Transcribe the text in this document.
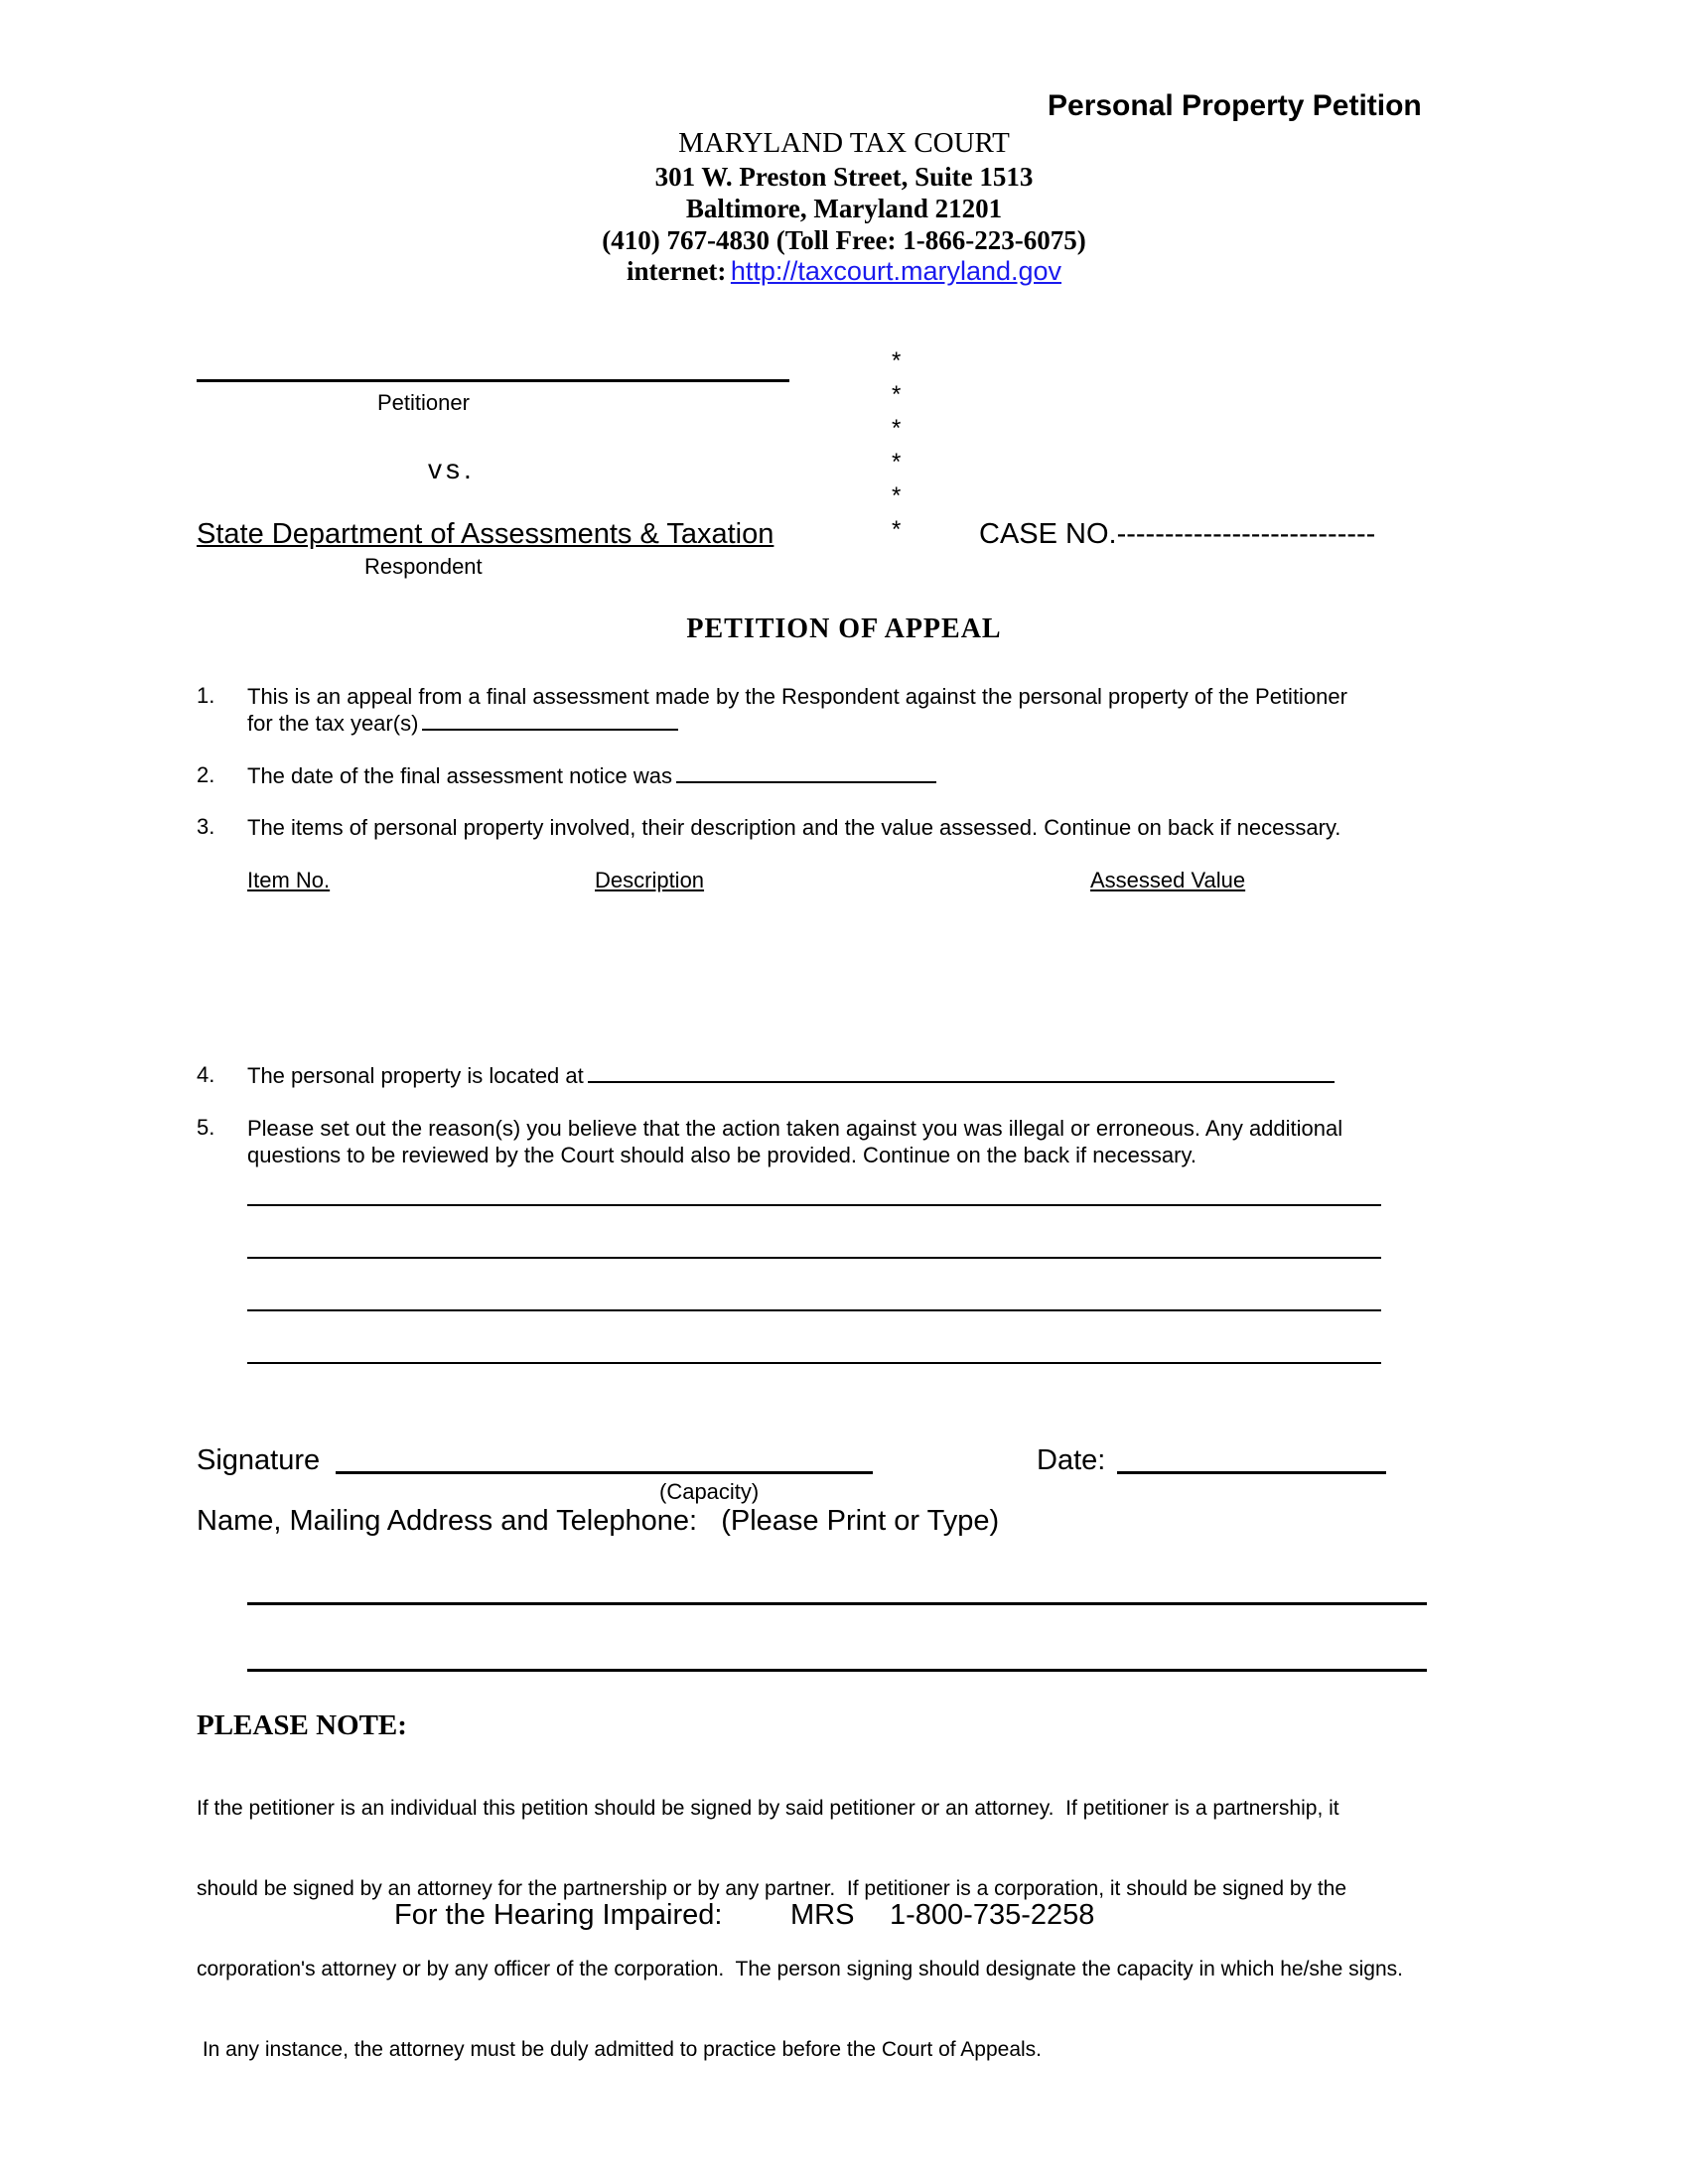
Personal Property Petition
MARYLAND TAX COURT
301 W. Preston Street, Suite 1513
Baltimore, Maryland 21201
(410) 767-4830 (Toll Free: 1-866-223-6075)
internet: http://taxcourt.maryland.gov
Petitioner
vs.
State Department of Assessments & Taxation
Respondent
*
*
*
*
*
*	CASE NO.---------------------------
PETITION OF APPEAL
1. This is an appeal from a final assessment made by the Respondent against the personal property of the Petitioner
for the tax year(s)
2. The date of the final assessment notice was
3. The items of personal property involved, their description and the value assessed. Continue on back if necessary.
Item No.	Description	Assessed Value
4. The personal property is located at
5. Please set out the reason(s) you believe that the action taken against you was illegal or erroneous. Any additional
questions to be reviewed by the Court should also be provided. Continue on the back if necessary.
Signature	Date:
(Capacity)
Name, Mailing Address and Telephone:   (Please Print or Type)
PLEASE NOTE:

If the petitioner is an individual this petition should be signed by said petitioner or an attorney.  If petitioner is a partnership, it

should be signed by an attorney for the partnership or by any partner.  If petitioner is a corporation, it should be signed by the

corporation's attorney or by any officer of the corporation.  The person signing should designate the capacity in which he/she signs.

In any instance, the attorney must be duly admitted to practice before the Court of Appeals.

For the Hearing Impaired: MRS 1-800-735-2258
